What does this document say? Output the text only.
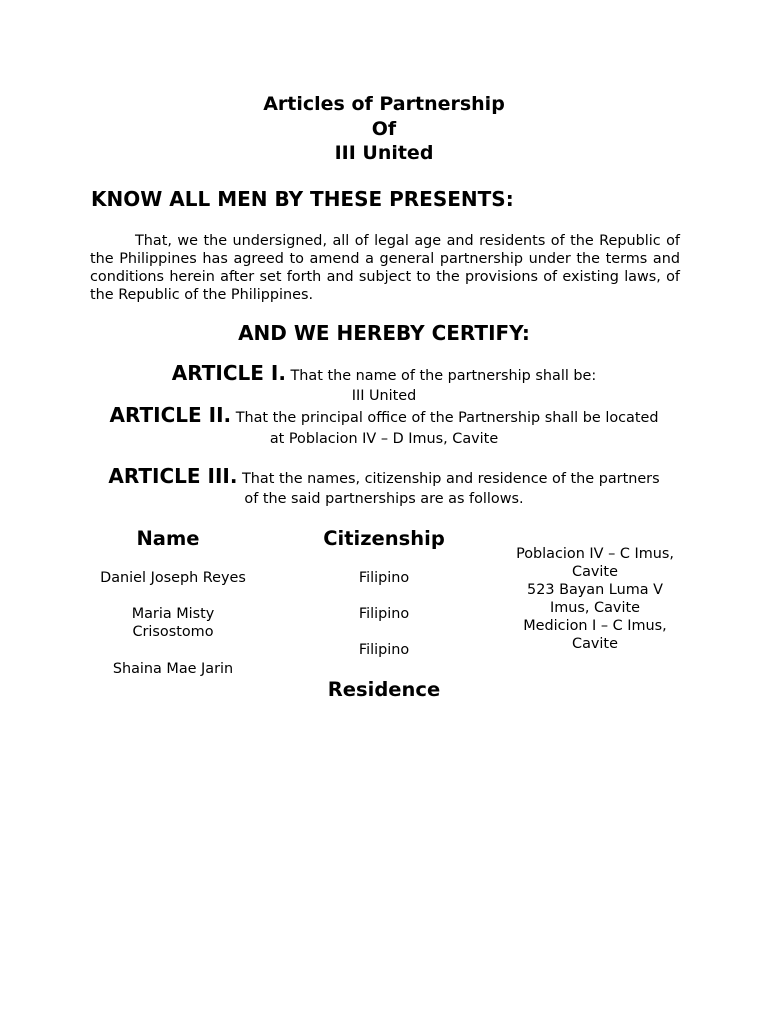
Articles of Partnership
Of
III United
KNOW ALL MEN BY THESE PRESENTS:
That, we the undersigned, all of legal age and residents of the Republic of the Philippines has agreed to amend a general partnership under the terms and conditions herein after set forth and subject to the provisions of existing laws, of the Republic of the Philippines.
AND WE HEREBY CERTIFY:
ARTICLE I. That the name of the partnership shall be:
III United
ARTICLE II. That the principal office of the Partnership shall be located
at Poblacion IV – D Imus, Cavite
ARTICLE III. That the names, citizenship and residence of the partners
of the said partnerships are as follows.
Name	Citizenship
Residence
Daniel Joseph Reyes
Maria Misty Crisostomo
Shaina Mae Jarin
Filipino
Filipino
Filipino
Poblacion IV – C Imus, Cavite
523 Bayan Luma V Imus, Cavite
Medicion I – C Imus, Cavite
